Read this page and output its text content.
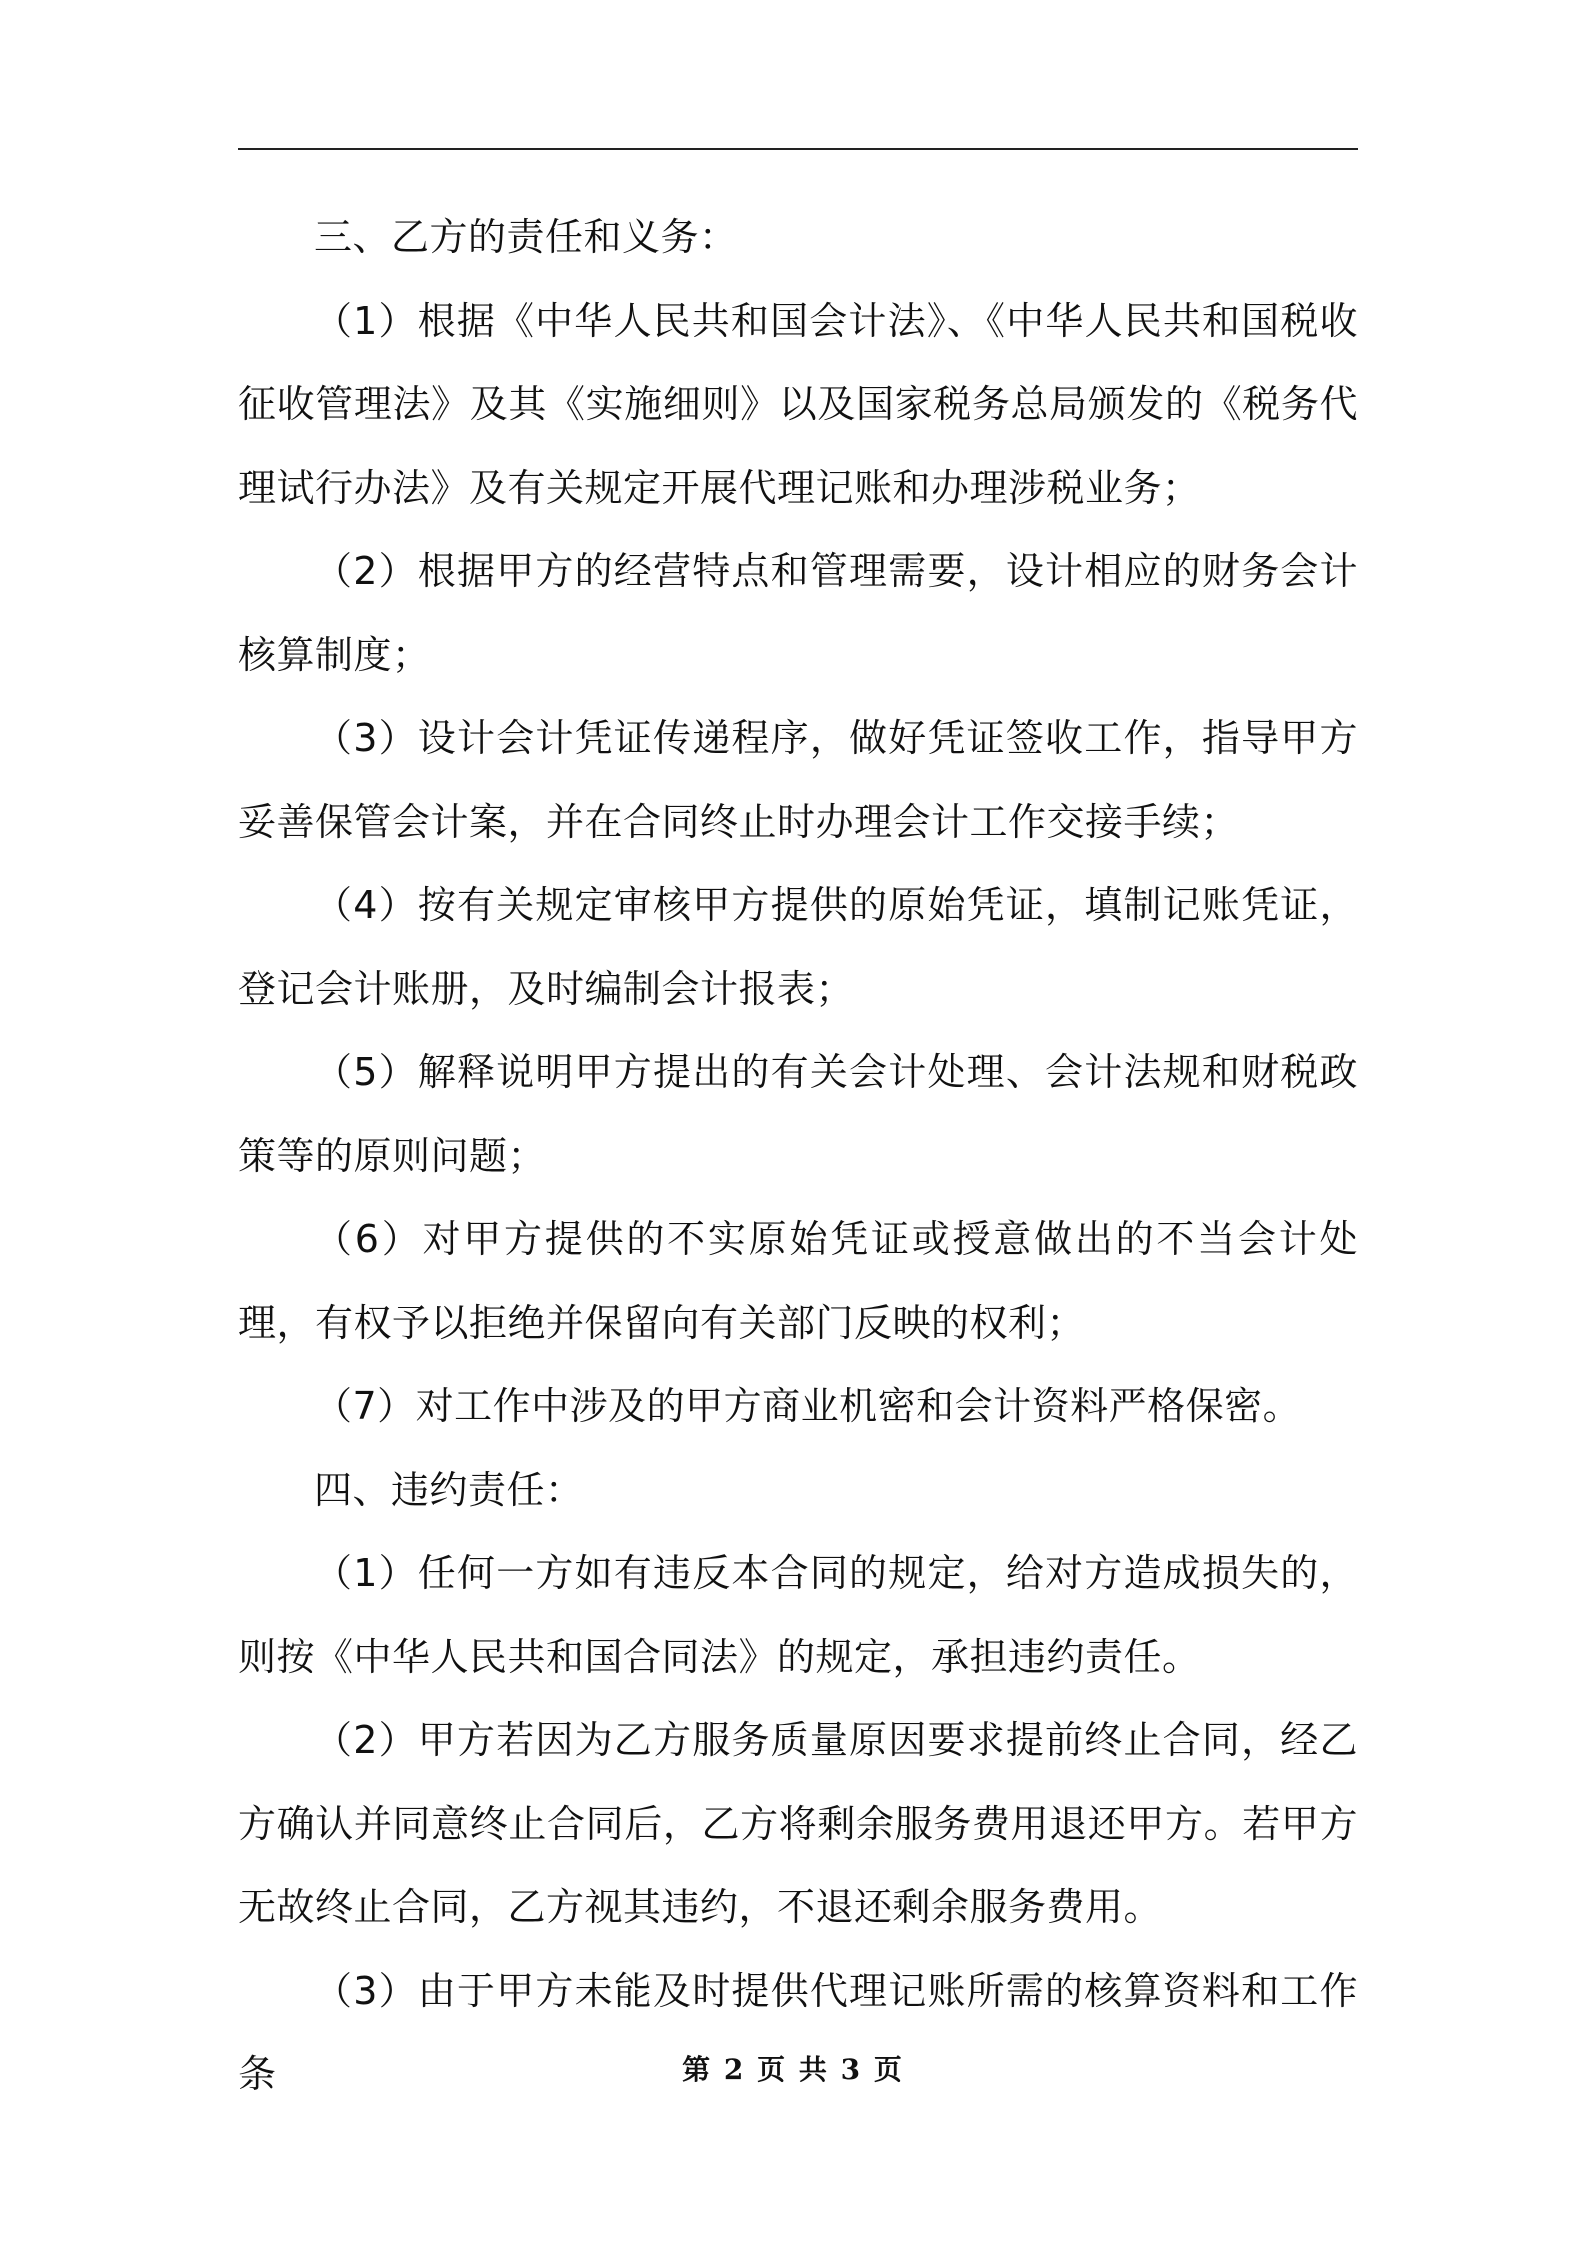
三、乙方的责任和义务：

（1）根据《中华人民共和国会计法》、《中华人民共和国税收征收管理法》及其《实施细则》以及国家税务总局颁发的《税务代理试行办法》及有关规定开展代理记账和办理涉税业务；

（2）根据甲方的经营特点和管理需要，设计相应的财务会计核算制度；

（3）设计会计凭证传递程序，做好凭证签收工作，指导甲方妥善保管会计案，并在合同终止时办理会计工作交接手续；

（4）按有关规定审核甲方提供的原始凭证，填制记账凭证，登记会计账册，及时编制会计报表；

（5）解释说明甲方提出的有关会计处理、会计法规和财税政策等的原则问题；

（6）对甲方提供的不实原始凭证或授意做出的不当会计处理，有权予以拒绝并保留向有关部门反映的权利；

（7）对工作中涉及的甲方商业机密和会计资料严格保密。

四、违约责任：

（1）任何一方如有违反本合同的规定，给对方造成损失的，则按《中华人民共和国合同法》的规定，承担违约责任。

（2）甲方若因为乙方服务质量原因要求提前终止合同，经乙方确认并同意终止合同后，乙方将剩余服务费用退还甲方。若甲方无故终止合同，乙方视其违约，不退还剩余服务费用。

（3）由于甲方未能及时提供代理记账所需的核算资料和工作条	第 2 页 共 3 页
